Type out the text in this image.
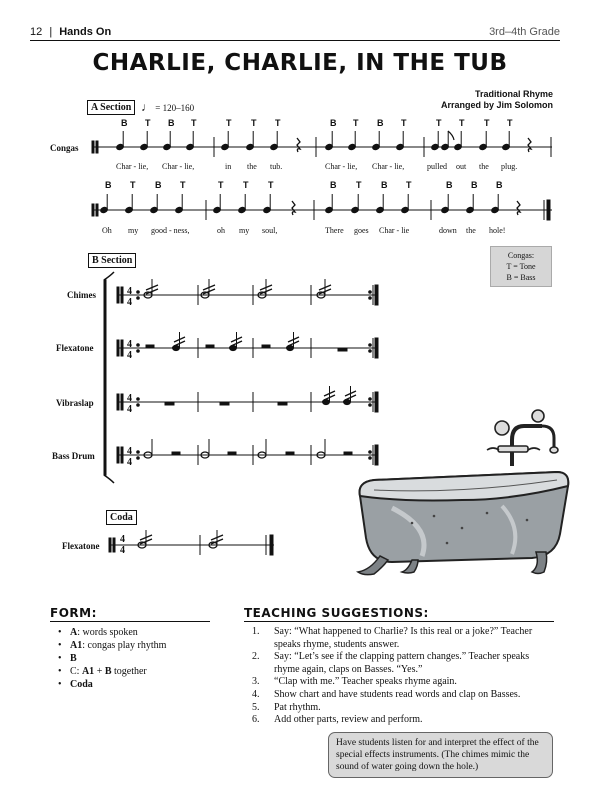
12 | Hands On	3rd–4th Grade
CHARLIE, CHARLIE, IN THE TUB
Traditional Rhyme
Arranged by Jim Solomon
A Section ♩ = 120–160
Congas
B T B T	T T T	B T B T	T T T T
Char - lie, Char - lie,	in the tub.	Char - lie, Char - lie,	pulled out the plug.
B T B T	T T T	B T B T	B B B
Oh my good - ness,	oh my soul,	There goes Char - lie	down the hole!
Congas:
T = Tone
B = Bass
B Section
Chimes
Flexatone
Vibraslap
Bass Drum
4
4
4
4
4
4
4
4
Coda
Flexatone
4
4
FORM:
• A: words spoken
• A1: congas play rhythm
• B
• C: A1 + B together
• Coda
TEACHING SUGGESTIONS:
1.	Say: “What happened to Charlie? Is this real or a joke?” Teacher speaks rhyme, students answer.
2.	Say: “Let’s see if the clapping pattern changes.” Teacher speaks rhyme again, claps on Basses. “Yes.”
3.	“Clap with me.” Teacher speaks rhyme again.
4.	Show chart and have students read words and clap on Basses.
5.	Pat rhythm.
6.	Add other parts, review and perform.
Have students listen for and interpret the effect of the special effects instruments. (The chimes mimic the sound of water going down the hole.)
